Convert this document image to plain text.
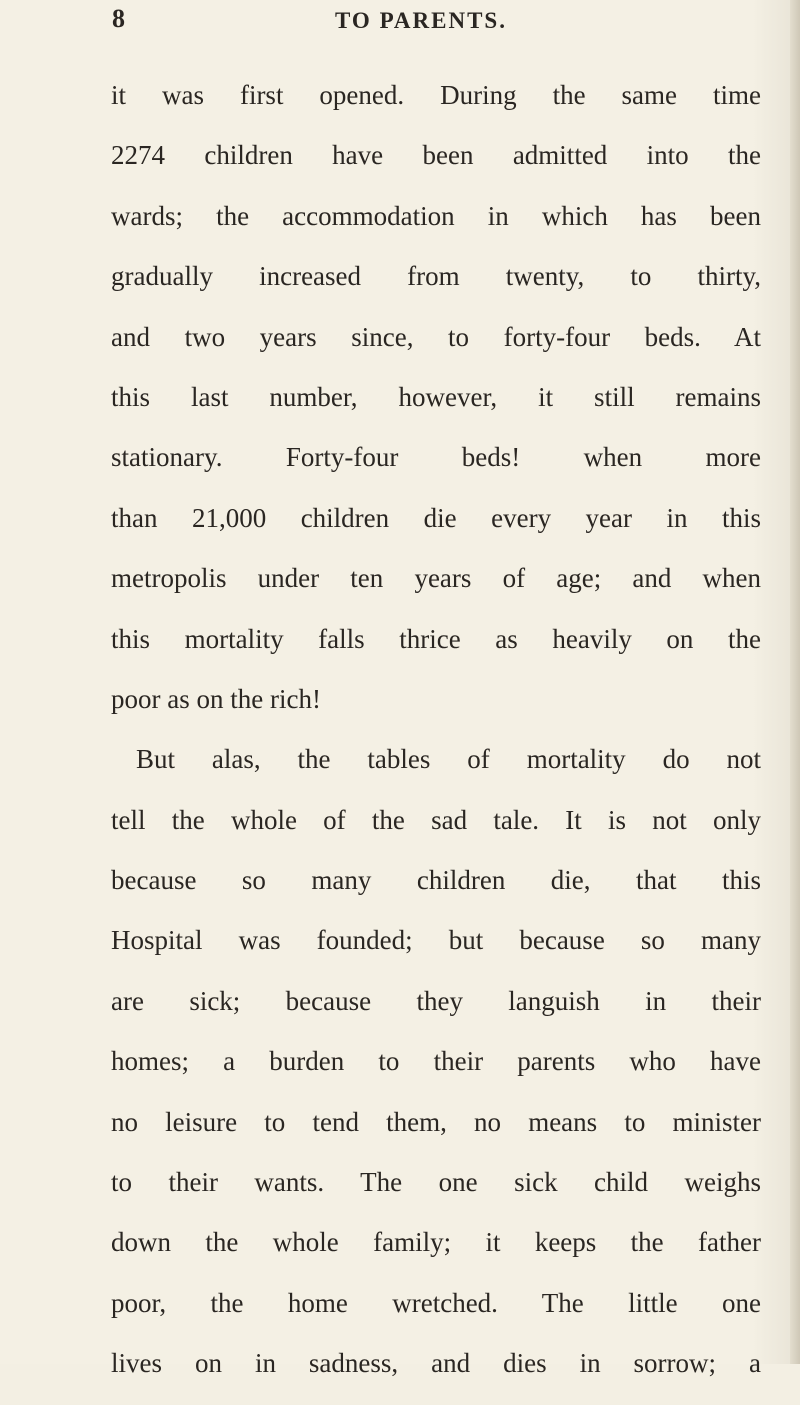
8	TO PARENTS.
it was first opened. During the same time
2274 children have been admitted into the
wards; the accommodation in which has been
gradually increased from twenty, to thirty,
and two years since, to forty-four beds. At
this last number, however, it still remains
stationary. Forty-four beds! when more
than 21,000 children die every year in this
metropolis under ten years of age; and when
this mortality falls thrice as heavily on the
poor as on the rich!
But alas, the tables of mortality do not
tell the whole of the sad tale. It is not only
because so many children die, that this
Hospital was founded; but because so many
are sick; because they languish in their
homes; a burden to their parents who have
no leisure to tend them, no means to minister
to their wants. The one sick child weighs
down the whole family; it keeps the father
poor, the home wretched. The little one
lives on in sadness, and dies in sorrow; a
